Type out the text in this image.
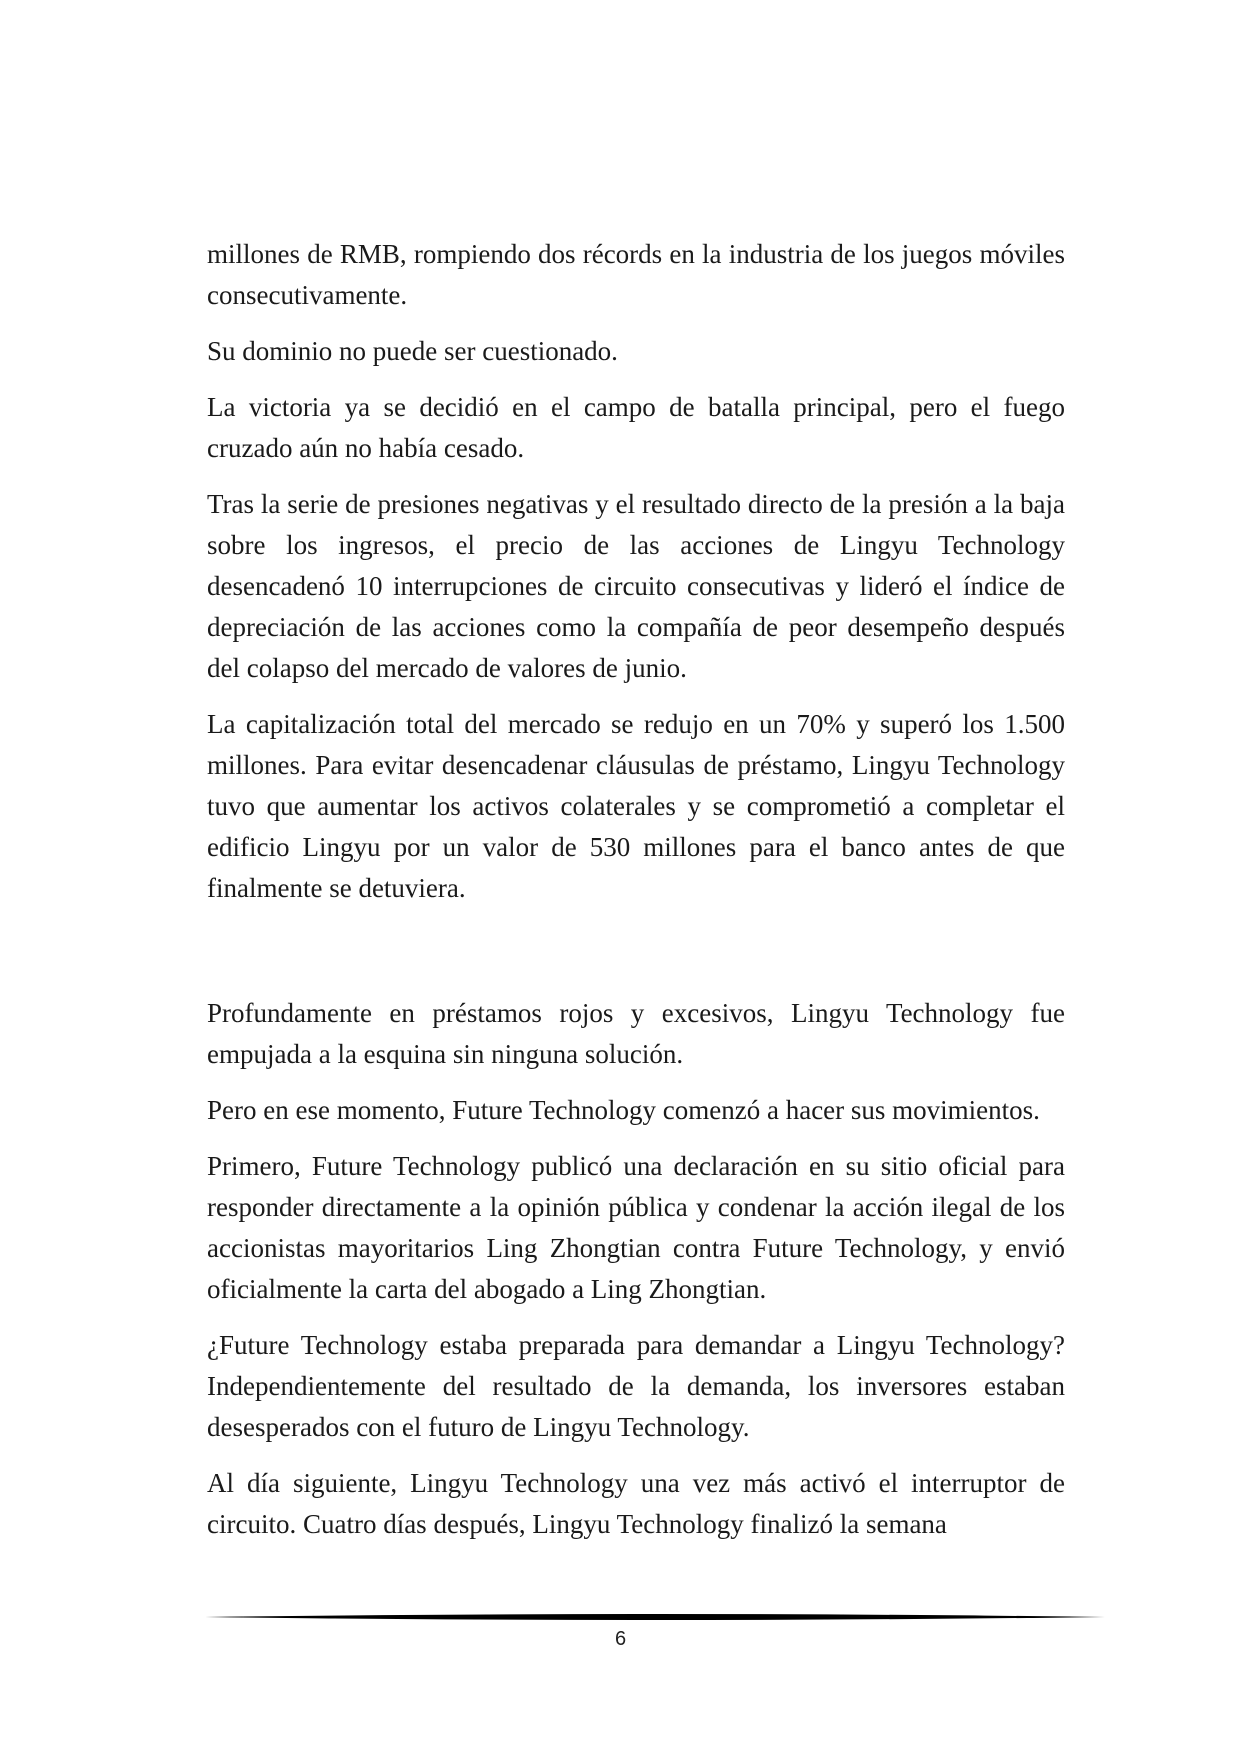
millones de RMB, rompiendo dos récords en la industria de los juegos móviles consecutivamente.

Su dominio no puede ser cuestionado.

La victoria ya se decidió en el campo de batalla principal, pero el fuego cruzado aún no había cesado.

Tras la serie de presiones negativas y el resultado directo de la presión a la baja sobre los ingresos, el precio de las acciones de Lingyu Technology desencadenó 10 interrupciones de circuito consecutivas y lideró el índice de depreciación de las acciones como la compañía de peor desempeño después del colapso del mercado de valores de junio.

La capitalización total del mercado se redujo en un 70% y superó los 1.500 millones. Para evitar desencadenar cláusulas de préstamo, Lingyu Technology tuvo que aumentar los activos colaterales y se comprometió a completar el edificio Lingyu por un valor de 530 millones para el banco antes de que finalmente se detuviera.

Profundamente en préstamos rojos y excesivos, Lingyu Technology fue empujada a la esquina sin ninguna solución.

Pero en ese momento, Future Technology comenzó a hacer sus movimientos.

Primero, Future Technology publicó una declaración en su sitio oficial para responder directamente a la opinión pública y condenar la acción ilegal de los accionistas mayoritarios Ling Zhongtian contra Future Technology, y envió oficialmente la carta del abogado a Ling Zhongtian.

¿Future Technology estaba preparada para demandar a Lingyu Technology? Independientemente del resultado de la demanda, los inversores estaban desesperados con el futuro de Lingyu Technology.

Al día siguiente, Lingyu Technology una vez más activó el interruptor de circuito. Cuatro días después, Lingyu Technology finalizó la semana

6
